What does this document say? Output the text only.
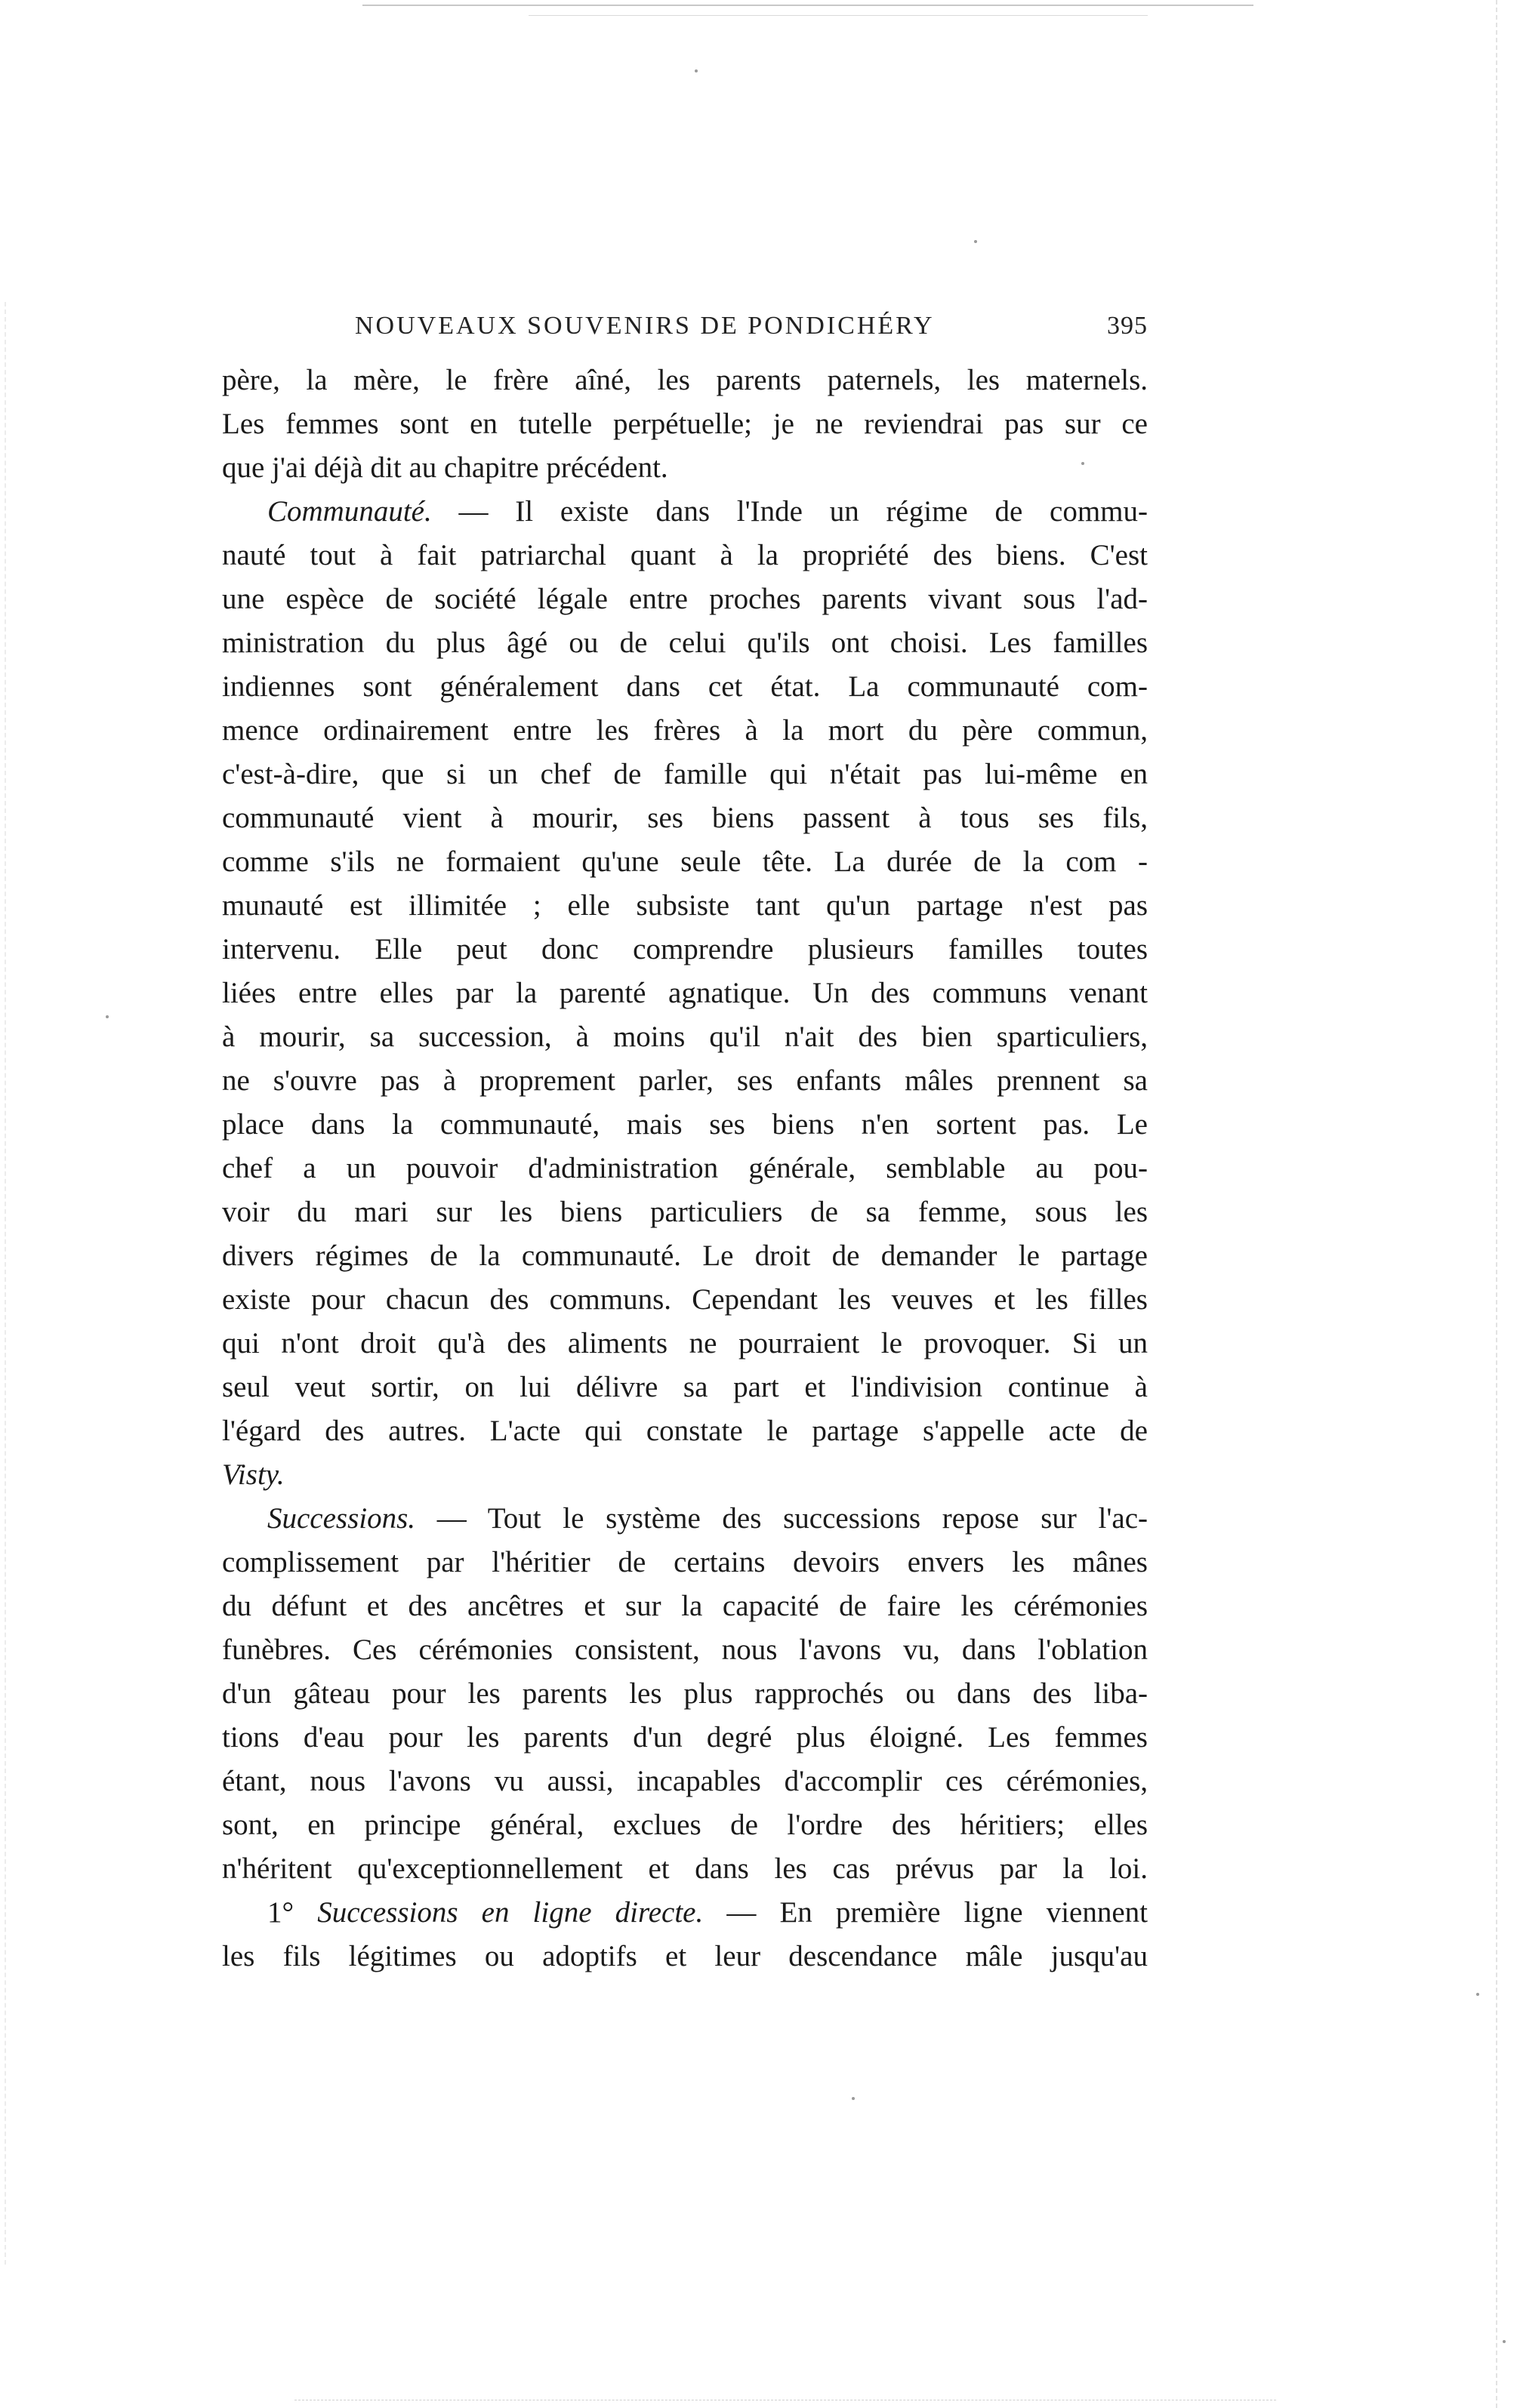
NOUVEAUX SOUVENIRS DE PONDICHÉRY	395
père, la mère, le frère aîné, les parents paternels, les maternels.
Les femmes sont en tutelle perpétuelle; je ne reviendrai pas sur ce
que j'ai déjà dit au chapitre précédent.
Communauté. — Il existe dans l'Inde un régime de commu-
nauté tout à fait patriarchal quant à la propriété des biens. C'est
une espèce de société légale entre proches parents vivant sous l'ad-
ministration du plus âgé ou de celui qu'ils ont choisi. Les familles
indiennes sont généralement dans cet état. La communauté com-
mence ordinairement entre les frères à la mort du père commun,
c'est-à-dire, que si un chef de famille qui n'était pas lui-même en
communauté vient à mourir, ses biens passent à tous ses fils,
comme s'ils ne formaient qu'une seule tête. La durée de la com -
munauté est illimitée ; elle subsiste tant qu'un partage n'est pas
intervenu. Elle peut donc comprendre plusieurs familles toutes
liées entre elles par la parenté agnatique. Un des communs venant
à mourir, sa succession, à moins qu'il n'ait des bien sparticuliers,
ne s'ouvre pas à proprement parler, ses enfants mâles prennent sa
place dans la communauté, mais ses biens n'en sortent pas. Le
chef a un pouvoir d'administration générale, semblable au pou-
voir du mari sur les biens particuliers de sa femme, sous les
divers régimes de la communauté. Le droit de demander le partage
existe pour chacun des communs. Cependant les veuves et les filles
qui n'ont droit qu'à des aliments ne pourraient le provoquer. Si un
seul veut sortir, on lui délivre sa part et l'indivision continue à
l'égard des autres. L'acte qui constate le partage s'appelle acte de
Visty.
Successions. — Tout le système des successions repose sur l'ac-
complissement par l'héritier de certains devoirs envers les mânes
du défunt et des ancêtres et sur la capacité de faire les cérémonies
funèbres. Ces cérémonies consistent, nous l'avons vu, dans l'oblation
d'un gâteau pour les parents les plus rapprochés ou dans des liba-
tions d'eau pour les parents d'un degré plus éloigné. Les femmes
étant, nous l'avons vu aussi, incapables d'accomplir ces cérémonies,
sont, en principe général, exclues de l'ordre des héritiers; elles
n'héritent qu'exceptionnellement et dans les cas prévus par la loi.
1° Successions en ligne directe. — En première ligne viennent
les fils légitimes ou adoptifs et leur descendance mâle jusqu'au
